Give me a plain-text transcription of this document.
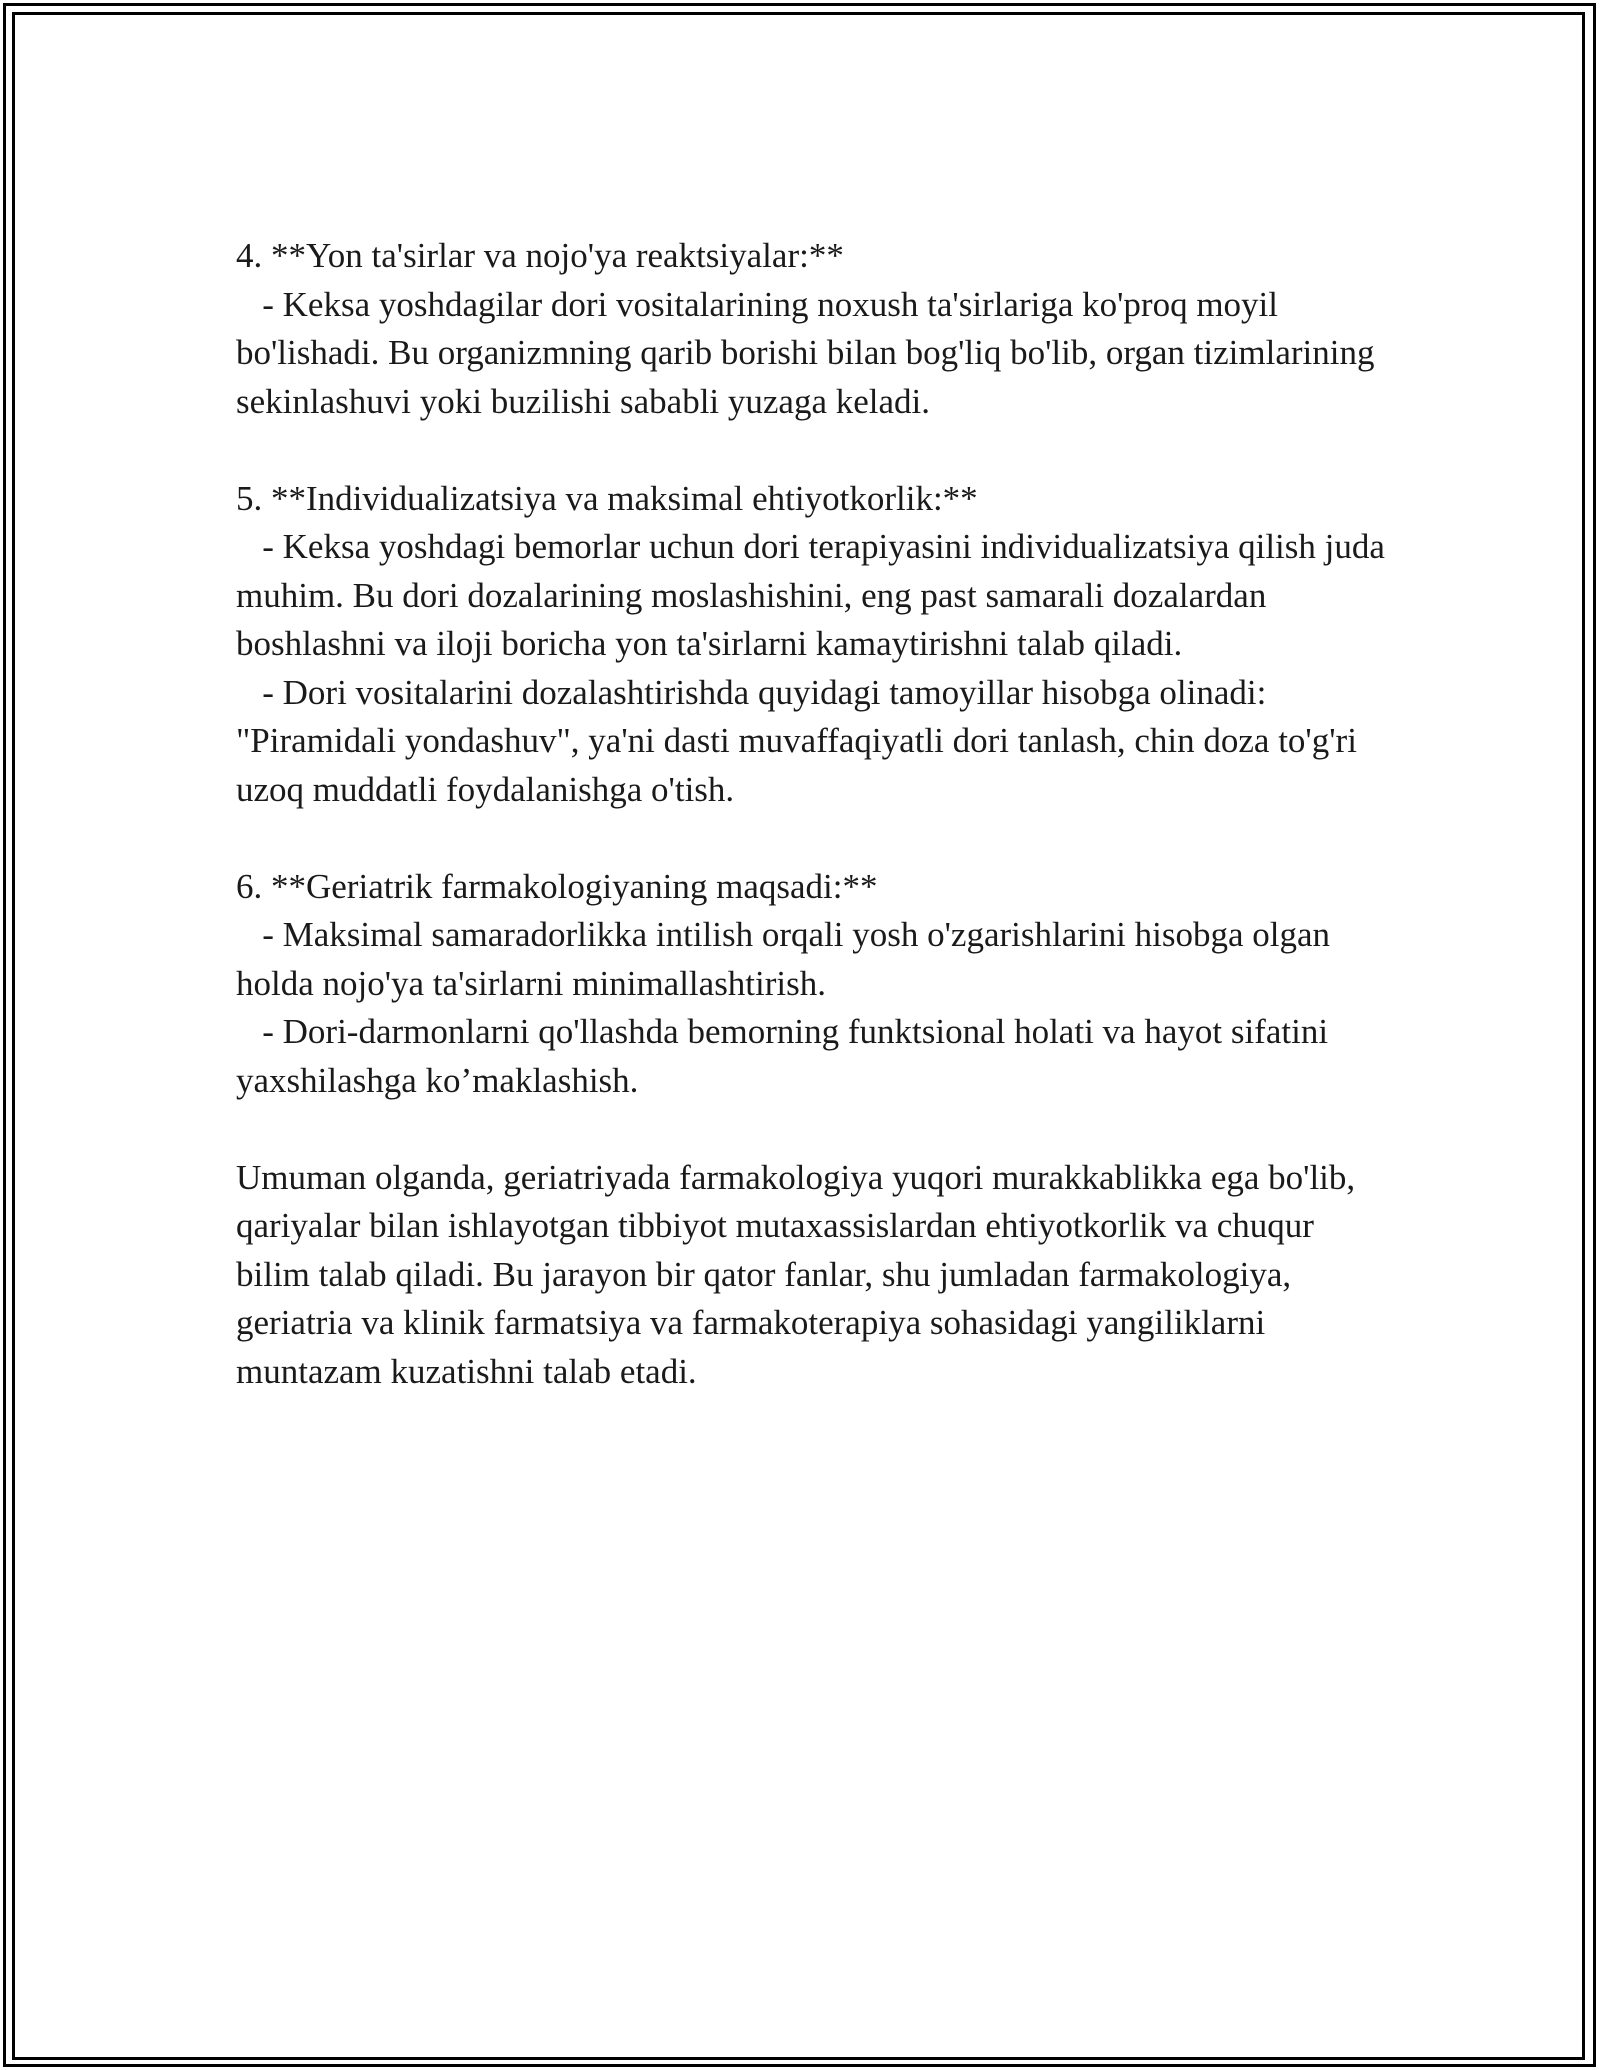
4. **Yon ta'sirlar va nojo'ya reaktsiyalar:**

- Keksa yoshdagilar dori vositalarining noxush ta'sirlariga ko'proq moyil bo'lishadi. Bu organizmning qarib borishi bilan bog'liq bo'lib, organ tizimlarining sekinlashuvi yoki buzilishi sababli yuzaga keladi.

5. **Individualizatsiya va maksimal ehtiyotkorlik:**

- Keksa yoshdagi bemorlar uchun dori terapiyasini individualizatsiya qilish juda muhim. Bu dori dozalarining moslashishini, eng past samarali dozalardan boshlashni va iloji boricha yon ta'sirlarni kamaytirishni talab qiladi.

- Dori vositalarini dozalashtirishda quyidagi tamoyillar hisobga olinadi: "Piramidali yondashuv", ya'ni dasti muvaffaqiyatli dori tanlash, chin doza to'g'ri uzoq muddatli foydalanishga o'tish.

6. **Geriatrik farmakologiyaning maqsadi:**

- Maksimal samaradorlikka intilish orqali yosh o'zgarishlarini hisobga olgan holda nojo'ya ta'sirlarni minimallashtirish.

- Dori-darmonlarni qo'llashda bemorning funktsional holati va hayot sifatini yaxshilashga ko’maklashish.

Umuman olganda, geriatriyada farmakologiya yuqori murakkablikka ega bo'lib, qariyalar bilan ishlayotgan tibbiyot mutaxassislardan ehtiyotkorlik va chuqur bilim talab qiladi. Bu jarayon bir qator fanlar, shu jumladan farmakologiya, geriatria va klinik farmatsiya va farmakoterapiya sohasidagi yangiliklarni muntazam kuzatishni talab etadi.
